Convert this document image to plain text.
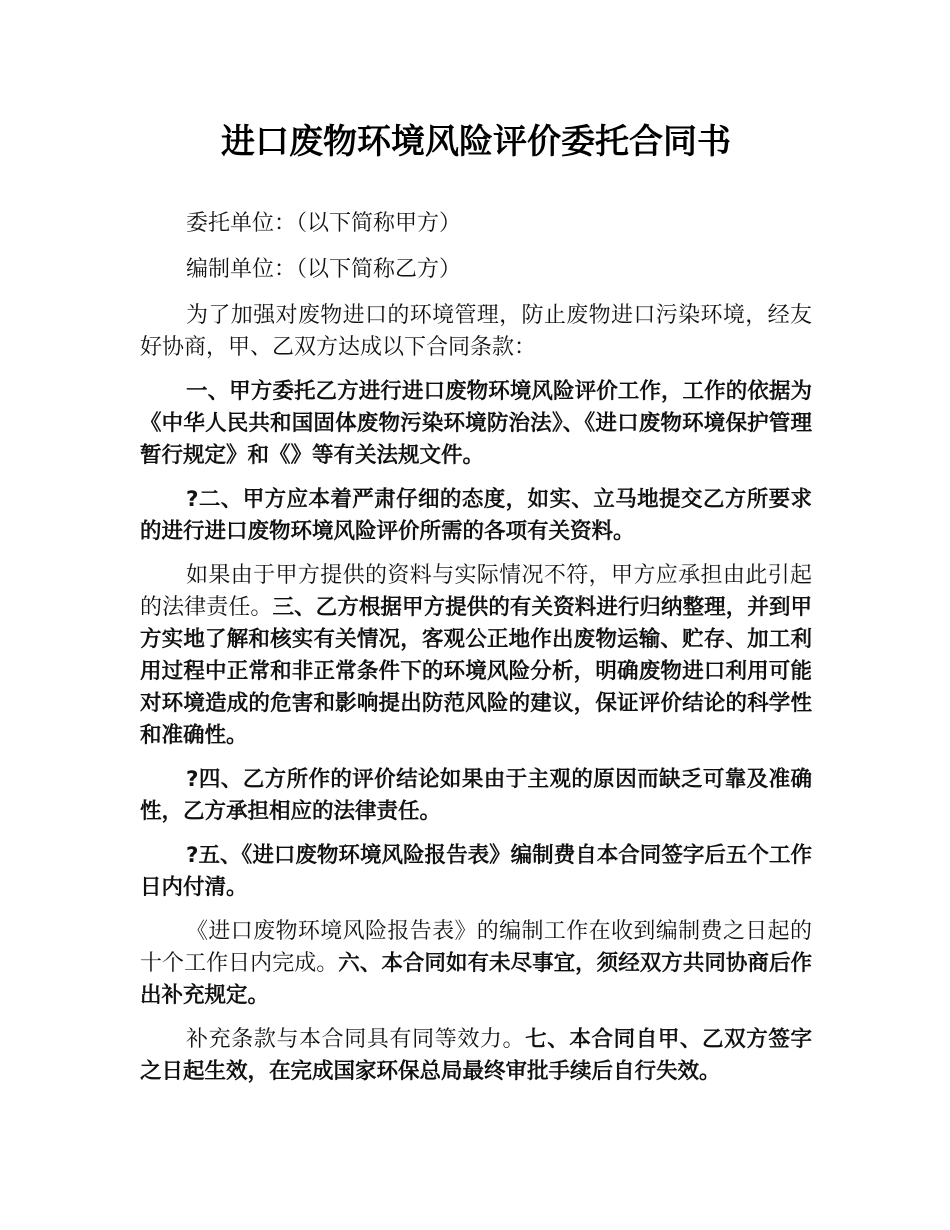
进口废物环境风险评价委托合同书

委托单位：（以下简称甲方）

编制单位：（以下简称乙方）

为了加强对废物进口的环境管理，防止废物进口污染环境，经友好协商，甲、乙双方达成以下合同条款：

一、甲方委托乙方进行进口废物环境风险评价工作，工作的依据为《中华人民共和国固体废物污染环境防治法》、《进口废物环境保护管理暂行规定》和《》等有关法规文件。

?二、甲方应本着严肃仔细的态度，如实、立马地提交乙方所要求的进行进口废物环境风险评价所需的各项有关资料。

如果由于甲方提供的资料与实际情况不符，甲方应承担由此引起的法律责任。三、乙方根据甲方提供的有关资料进行归纳整理，并到甲方实地了解和核实有关情况，客观公正地作出废物运输、贮存、加工利用过程中正常和非正常条件下的环境风险分析，明确废物进口利用可能对环境造成的危害和影响提出防范风险的建议，保证评价结论的科学性和准确性。

?四、乙方所作的评价结论如果由于主观的原因而缺乏可靠及准确性，乙方承担相应的法律责任。

?五、《进口废物环境风险报告表》编制费自本合同签字后五个工作日内付清。

《进口废物环境风险报告表》的编制工作在收到编制费之日起的十个工作日内完成。六、本合同如有未尽事宜，须经双方共同协商后作出补充规定。

补充条款与本合同具有同等效力。七、本合同自甲、乙双方签字之日起生效，在完成国家环保总局最终审批手续后自行失效。
